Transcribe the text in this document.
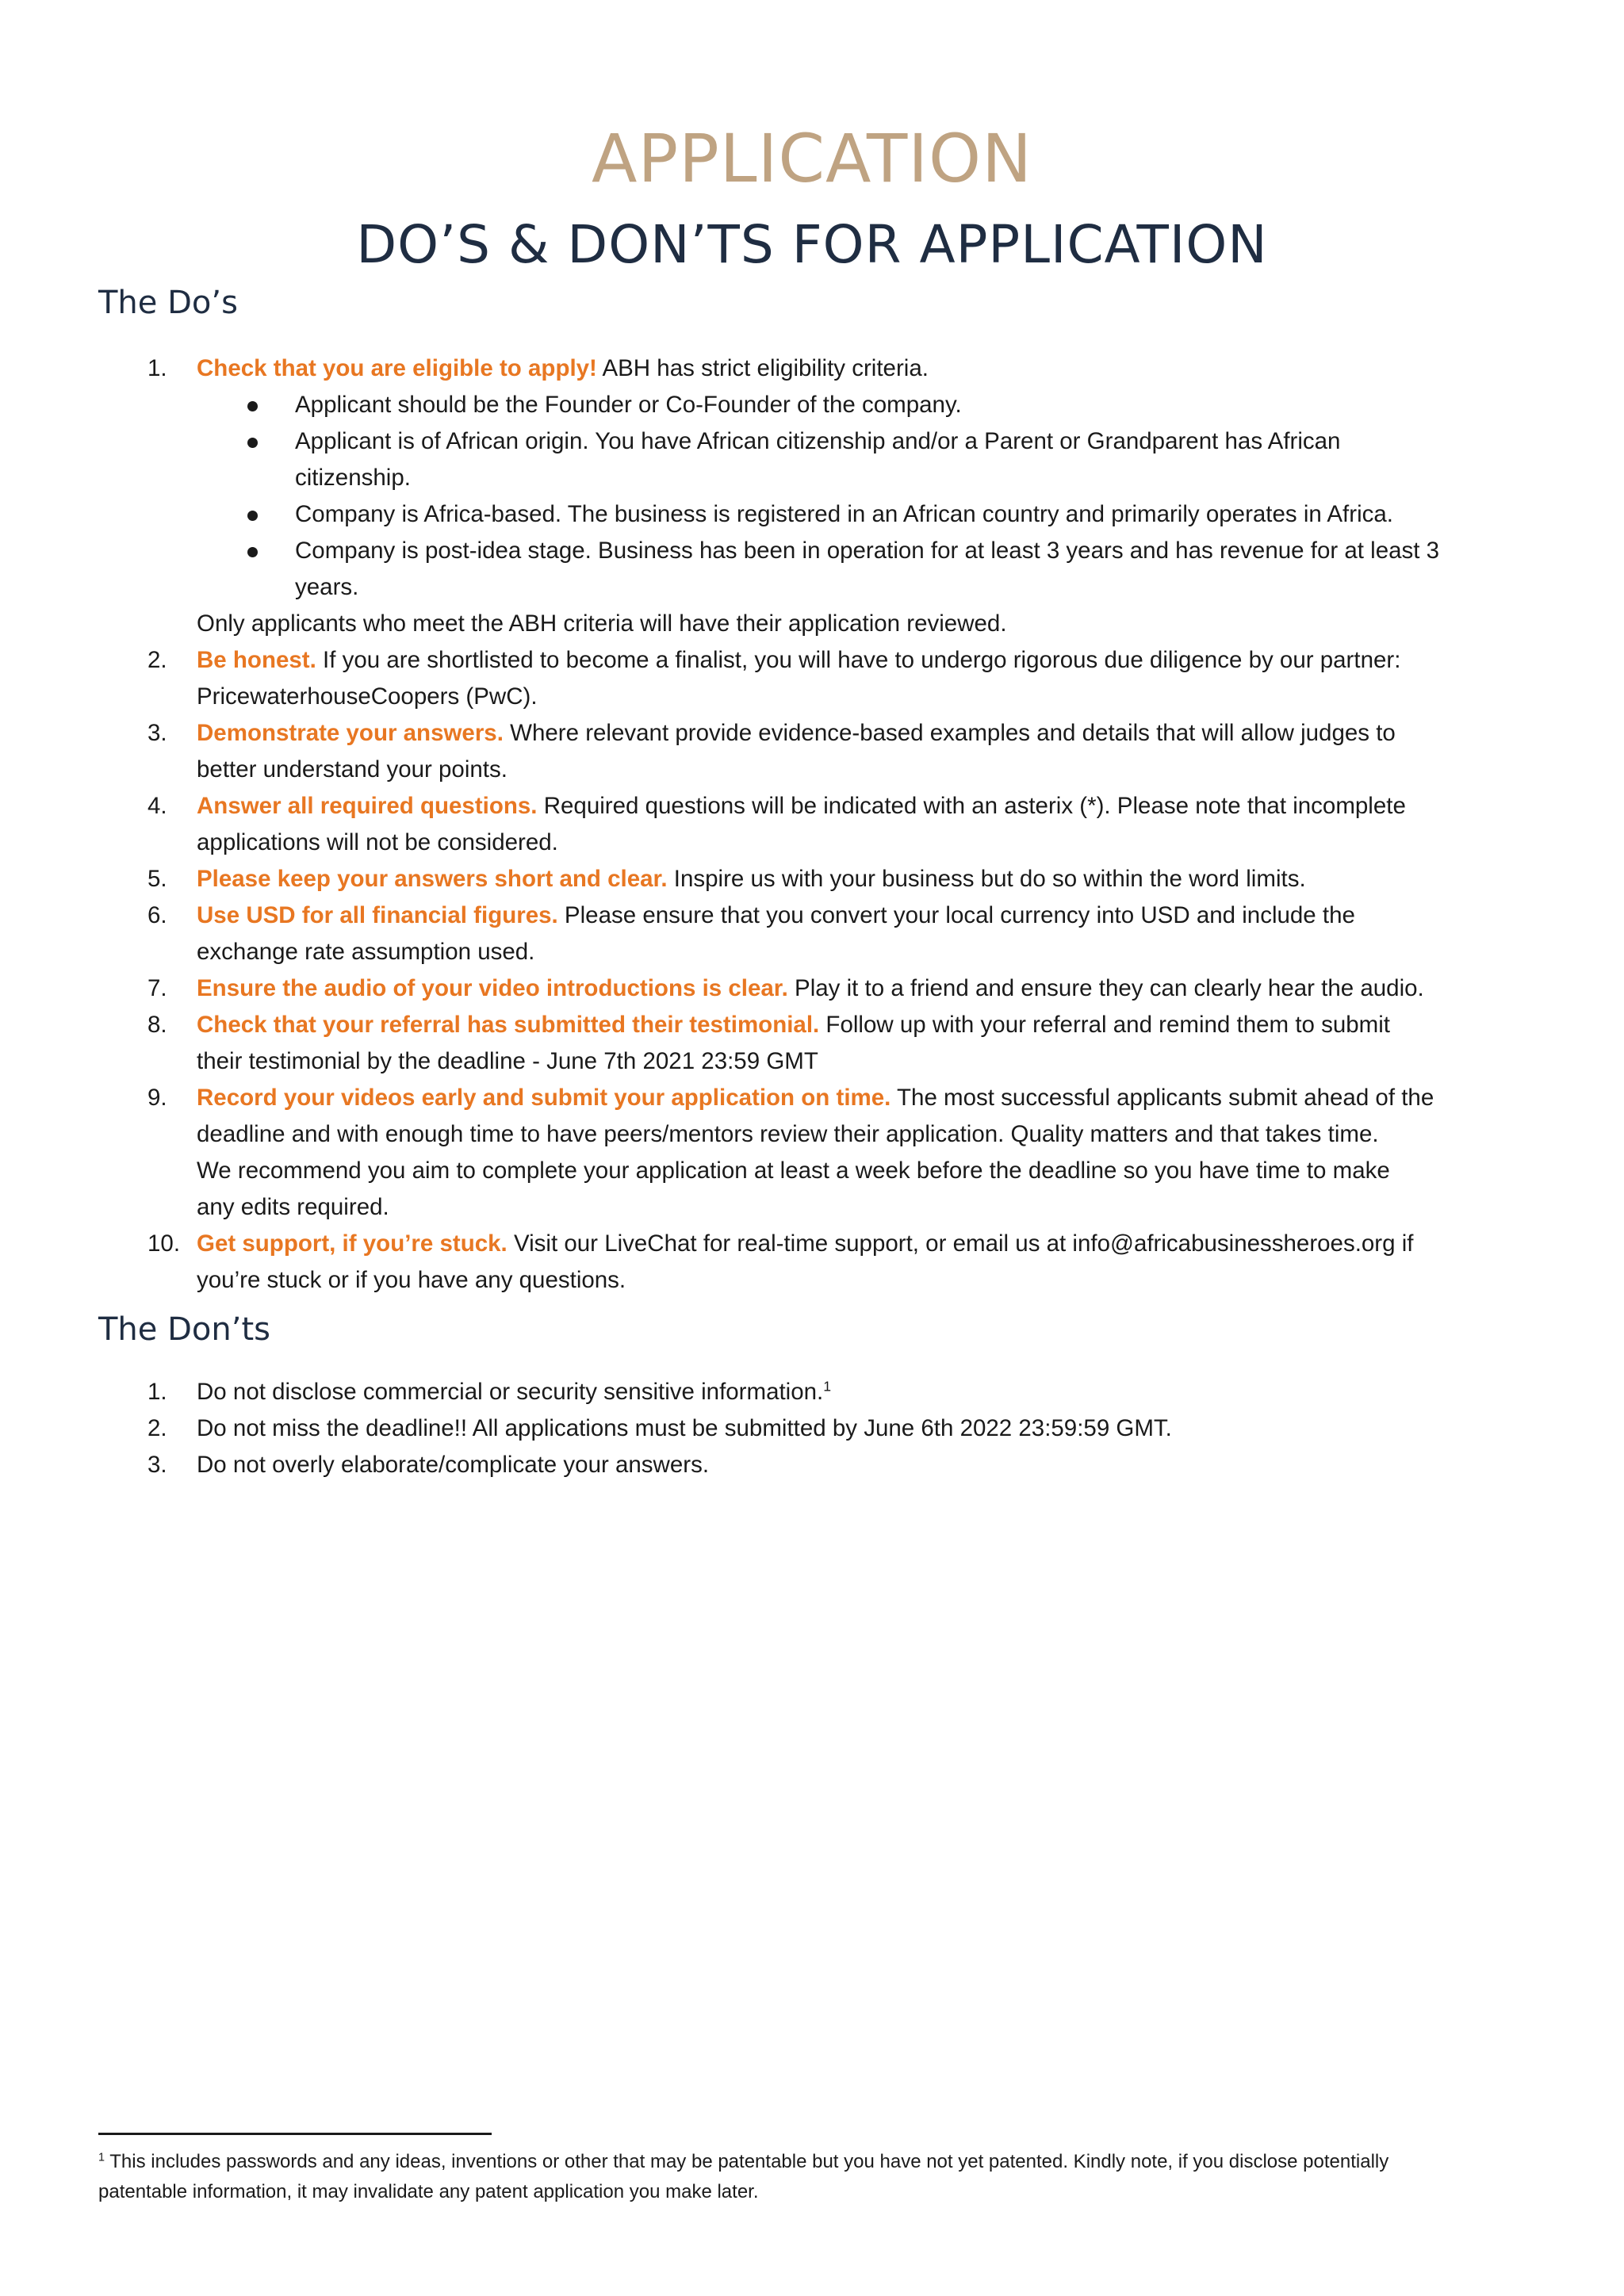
APPLICATION
DO’S & DON’TS FOR APPLICATION
The Do’s
1. Check that you are eligible to apply! ABH has strict eligibility criteria.
Applicant should be the Founder or Co-Founder of the company.
Applicant is of African origin. You have African citizenship and/or a Parent or Grandparent has African
citizenship.
Company is Africa-based. The business is registered in an African country and primarily operates in Africa.
Company is post-idea stage. Business has been in operation for at least 3 years and has revenue for at least 3
years.
Only applicants who meet the ABH criteria will have their application reviewed.
2. Be honest. If you are shortlisted to become a finalist, you will have to undergo rigorous due diligence by our partner:
PricewaterhouseCoopers (PwC).
3. Demonstrate your answers. Where relevant provide evidence-based examples and details that will allow judges to
better understand your points.
4. Answer all required questions. Required questions will be indicated with an asterix (*). Please note that incomplete
applications will not be considered.
5. Please keep your answers short and clear. Inspire us with your business but do so within the word limits.
6. Use USD for all financial figures. Please ensure that you convert your local currency into USD and include the
exchange rate assumption used.
7. Ensure the audio of your video introductions is clear. Play it to a friend and ensure they can clearly hear the audio.
8. Check that your referral has submitted their testimonial. Follow up with your referral and remind them to submit
their testimonial by the deadline - June 7th 2021 23:59 GMT
9. Record your videos early and submit your application on time. The most successful applicants submit ahead of the
deadline and with enough time to have peers/mentors review their application. Quality matters and that takes time.
We recommend you aim to complete your application at least a week before the deadline so you have time to make
any edits required.
10. Get support, if you’re stuck. Visit our LiveChat for real-time support, or email us at info@africabusinessheroes.org if
you’re stuck or if you have any questions.
The Don’ts
1. Do not disclose commercial or security sensitive information.$^1$
2. Do not miss the deadline!! All applications must be submitted by June 6th 2022 23:59:59 GMT.
3. Do not overly elaborate/complicate your answers.
$^1$ This includes passwords and any ideas, inventions or other that may be patentable but you have not yet patented. Kindly note, if you disclose potentially
patentable information, it may invalidate any patent application you make later.
